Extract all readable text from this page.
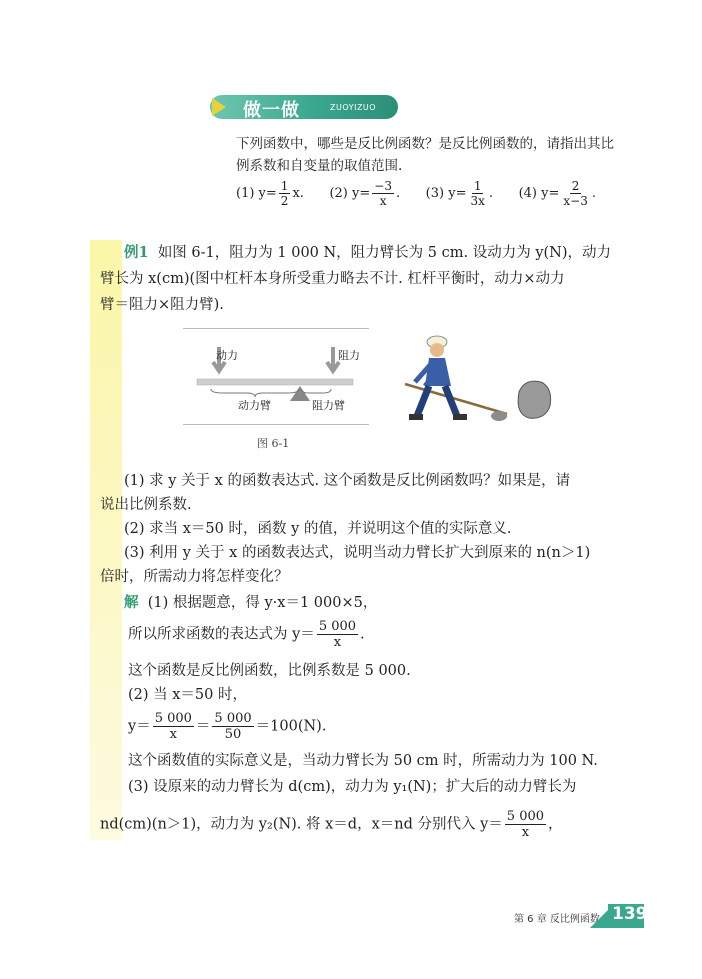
做一做	ZUOYIZUO
下列函数中，哪些是反比例函数？是反比例函数的，请指出其比
例系数和自变量的取值范围.
(1) $y= \frac{1}{2} x$. (2) $y= \frac{-3}{x}$ . (3) $y= \frac{1}{3x}$ . (4) $y= \frac{2}{x-3}$ .
例1 如图 6-1，阻力为 1 000 N，阻力臂长为 5 cm. 设动力为 y(N)，动力
臂长为 x(cm)(图中杠杆本身所受重力略去不计. 杠杆平衡时，动力×动力
臂＝阻力×阻力臂).
动力	阻力
动力臂	阻力臂
图 6-1
(1) 求 y 关于 x 的函数表达式. 这个函数是反比例函数吗？如果是，请
说出比例系数.
(2) 求当 x＝50 时，函数 y 的值，并说明这个值的实际意义.
(3) 利用 y 关于 x 的函数表达式，说明当动力臂长扩大到原来的 n(n＞1)
倍时，所需动力将怎样变化？
解 (1) 根据题意，得 y·x＝1 000×5，
所以所求函数的表达式为 $y= \frac{5 000}{x}$ .
这个函数是反比例函数，比例系数是 5 000.
(2) 当 x＝50 时，
$y= \frac{5 000}{x} = \frac{5 000}{50} =100(N)$.
这个函数值的实际意义是，当动力臂长为 50 cm 时，所需动力为 100 N.
(3) 设原来的动力臂长为 d(cm)，动力为 y₁(N)；扩大后的动力臂长为
nd(cm)(n＞1)，动力为 y₂(N). 将 x＝d，x＝nd 分别代入 $y= \frac{5 000}{x}$ ，
第 6 章 反比例函数 139
